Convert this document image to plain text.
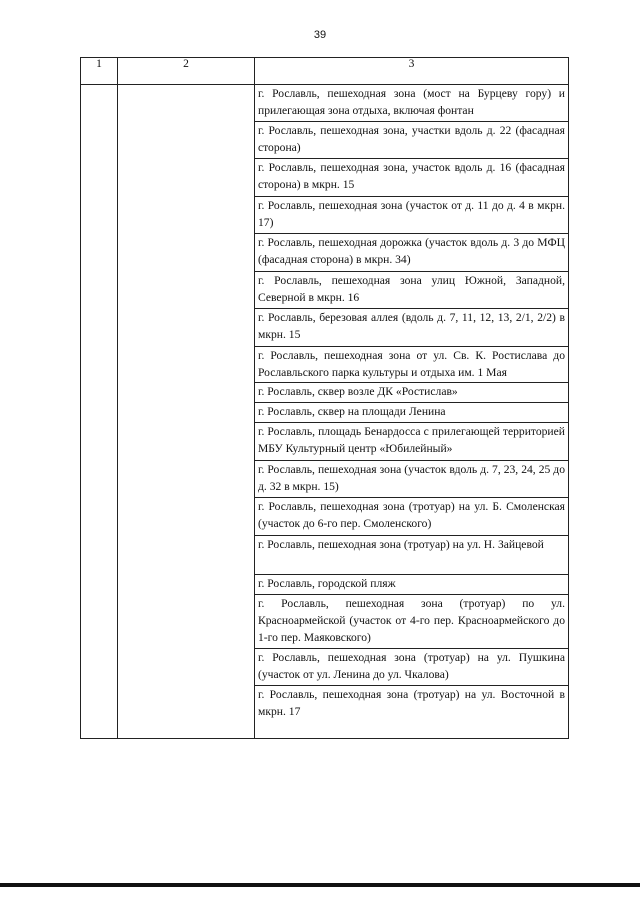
39
1	2	3
		г. Рославль, пешеходная зона (мост на Бурцеву гору) и прилегающая зона отдыха, включая фонтан
		г. Рославль, пешеходная зона, участки вдоль д. 22 (фасадная сторона)
		г. Рославль, пешеходная зона, участок вдоль д. 16 (фасадная сторона) в мкрн. 15
		г. Рославль, пешеходная зона (участок от д. 11 до д. 4 в мкрн. 17)
		г. Рославль, пешеходная дорожка (участок вдоль д. 3 до МФЦ (фасадная сторона) в мкрн. 34)
		г. Рославль, пешеходная зона улиц Южной, Западной, Северной в мкрн. 16
		г. Рославль, березовая аллея (вдоль д. 7, 11, 12, 13, 2/1, 2/2) в мкрн. 15
		г. Рославль, пешеходная зона от ул. Св. К. Ростислава до Рославльского парка культуры и отдыха им. 1 Мая
		г. Рославль, сквер возле ДК «Ростислав»
		г. Рославль, сквер на площади Ленина
		г. Рославль, площадь Бенардосса с прилегающей территорией МБУ Культурный центр «Юбилейный»
		г. Рославль, пешеходная зона (участок вдоль д. 7, 23, 24, 25 до д. 32 в мкрн. 15)
		г. Рославль, пешеходная зона (тротуар) на ул. Б. Смоленская (участок до 6-го пер. Смоленского)
		г. Рославль, пешеходная зона (тротуар) на ул. Н. Зайцевой
		г. Рославль, городской пляж
		г. Рославль, пешеходная зона (тротуар) по ул. Красноармейской (участок от 4-го пер. Красноармейского до 1-го пер. Маяковского)
		г. Рославль, пешеходная зона (тротуар) на ул. Пушкина (участок от ул. Ленина до ул. Чкалова)
		г. Рославль, пешеходная зона (тротуар) на ул. Восточной в мкрн. 17
